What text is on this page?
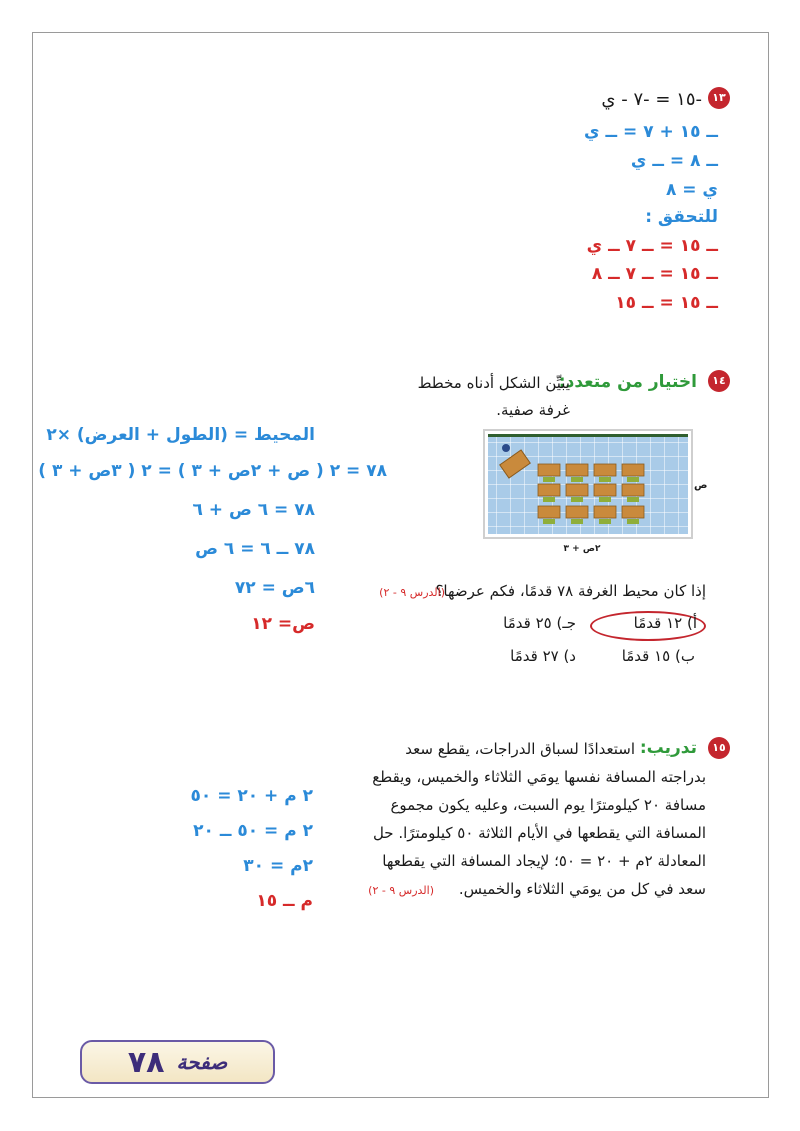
١٣
-١٥ = -٧ - ي
ــ ١٥ + ٧ = ــ ي
ــ ٨ = ــ ي
ي = ٨
للتحقق :
ــ ١٥ = ــ ٧ ــ ي
ــ ١٥ = ــ ٧ ــ ٨
ــ ١٥ = ــ ١٥
١٤
اختيار من متعدد:
يبيِّن الشكل أدناه مخطط
غرفة صفية.
ص
٢ص + ٣
إذا كان محيط الغرفة ٧٨ قدمًا، فكم عرضها؟
(الدرس ٩ - ٢)
أ) ١٢ قدمًا
جـ) ٢٥ قدمًا
ب) ١٥ قدمًا
د) ٢٧ قدمًا
المحيط = (الطول + العرض) ×٢
٧٨ = ٢ ( ص + ٢ص + ٣ ) = ٢ ( ٣ص + ٣ )
٧٨ = ٦ ص + ٦
٧٨ ــ ٦ = ٦ ص
٦ص = ٧٢
ص= ١٢
١٥
تدريب:
استعدادًا لسباق الدراجات، يقطع سعد
بدراجته المسافة نفسها يومَي الثلاثاء والخميس، ويقطع
مسافة ٢٠ كيلومترًا يوم السبت، وعليه يكون مجموع
المسافة التي يقطعها في الأيام الثلاثة ٥٠ كيلومترًا. حل
المعادلة ٢م + ٢٠ = ٥٠؛ لإيجاد المسافة التي يقطعها
سعد في كل من يومَي الثلاثاء والخميس.
(الدرس ٩ - ٢)
٢ م + ٢٠ = ٥٠
٢ م = ٥٠ ــ ٢٠
٢م = ٣٠
م ــ ١٥
صفحة
٧٨
